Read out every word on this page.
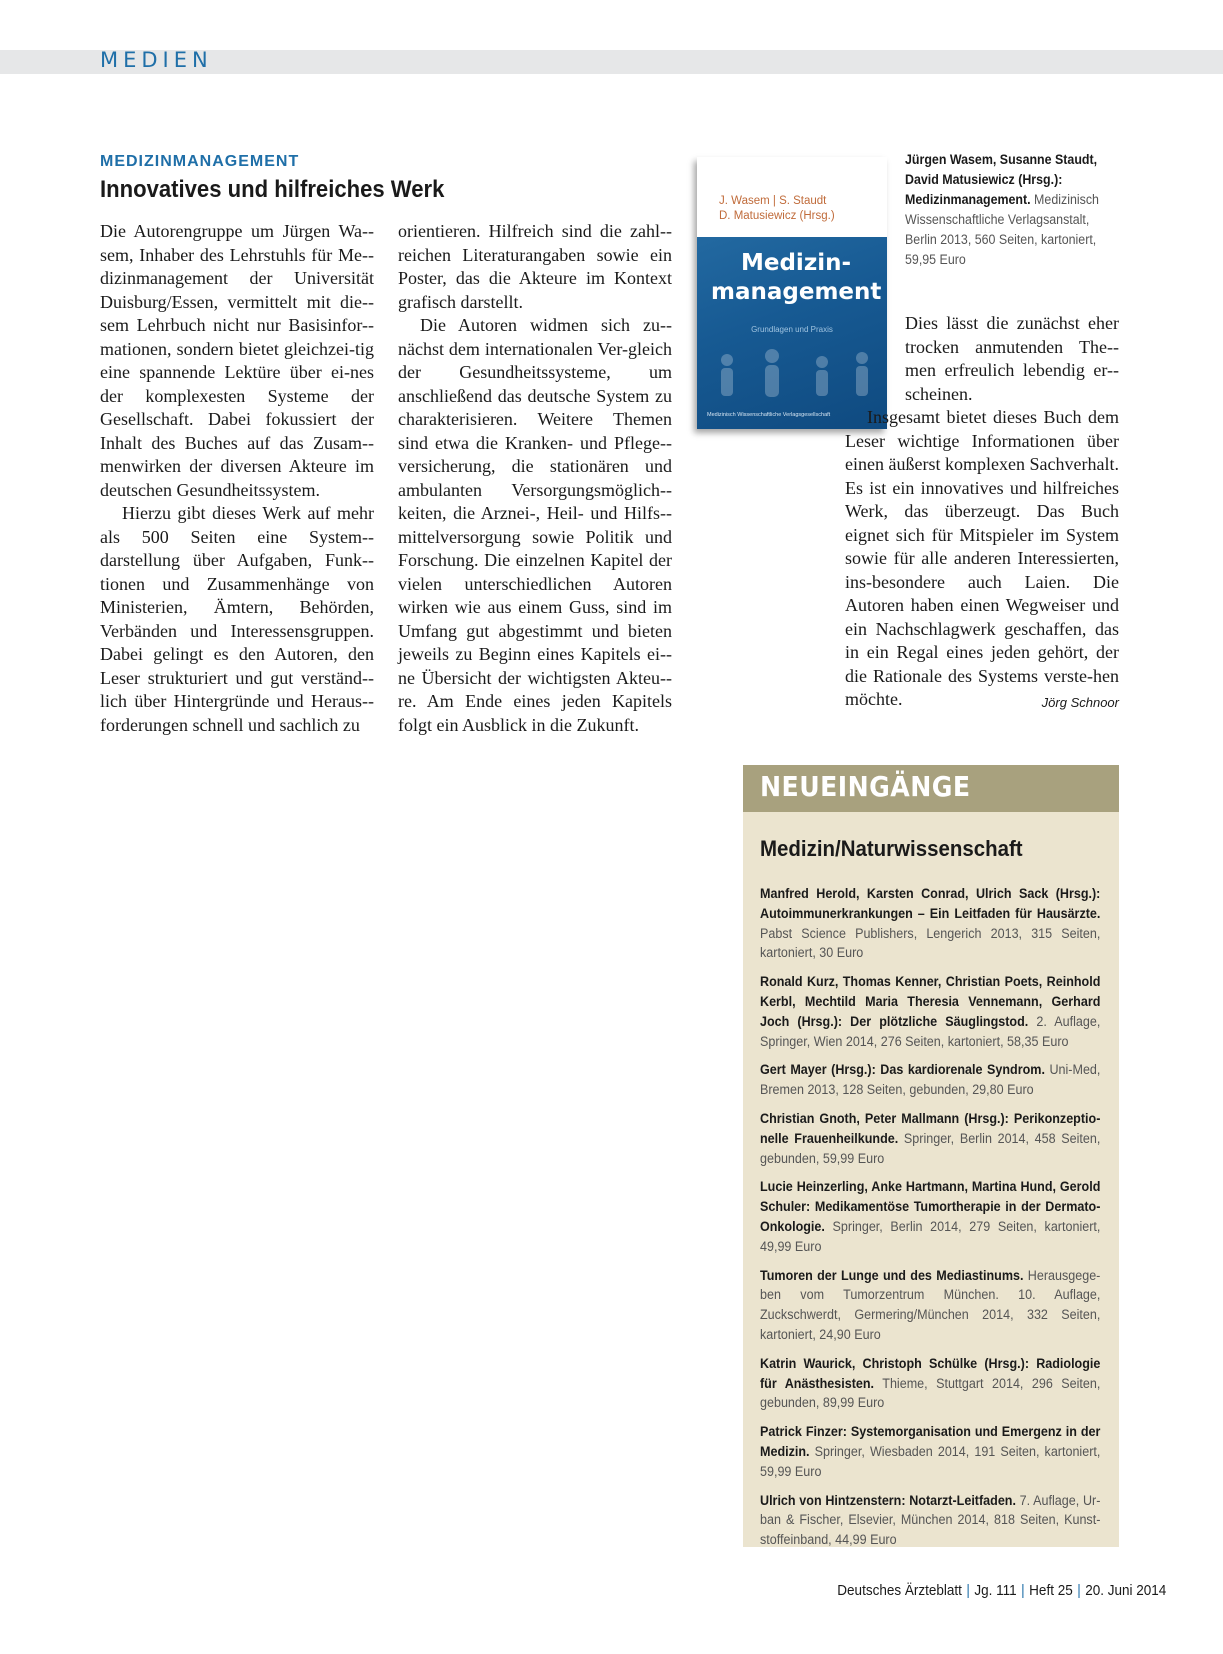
MEDIEN
MEDIZINMANAGEMENT
Innovatives und hilfreiches Werk

Die Autorengruppe um Jürgen Wa-sem, Inhaber des Lehrstuhls für Me-dizinmanagement der Universität Duisburg/Essen, vermittelt mit die-sem Lehrbuch nicht nur Basisinfor-mationen, sondern bietet gleichzei-tig eine spannende Lektüre über ei-nes der komplexesten Systeme der Gesellschaft. Dabei fokussiert der Inhalt des Buches auf das Zusam-menwirken der diversen Akteure im deutschen Gesundheitssystem.

Hierzu gibt dieses Werk auf mehr als 500 Seiten eine System-darstellung über Aufgaben, Funk-tionen und Zusammenhänge von Ministerien, Ämtern, Behörden, Verbänden und Interessensgruppen. Dabei gelingt es den Autoren, den Leser strukturiert und gut verständ-lich über Hintergründe und Heraus-forderungen schnell und sachlich zu

orientieren. Hilfreich sind die zahl-reichen Literaturangaben sowie ein Poster, das die Akteure im Kontext grafisch darstellt.

Die Autoren widmen sich zu-nächst dem internationalen Ver-gleich der Gesundheitssysteme, um anschließend das deutsche System zu charakterisieren. Weitere Themen sind etwa die Kranken- und Pflege-versicherung, die stationären und ambulanten Versorgungsmöglich-keiten, die Arznei-, Heil- und Hilfs-mittelversorgung sowie Politik und Forschung. Die einzelnen Kapitel der vielen unterschiedlichen Autoren wirken wie aus einem Guss, sind im Umfang gut abgestimmt und bieten jeweils zu Beginn eines Kapitels ei-ne Übersicht der wichtigsten Akteu-re. Am Ende eines jeden Kapitels folgt ein Ausblick in die Zukunft.

J. Wasem | S. Staudt
D. Matusiewicz (Hrsg.)
Medizin-
management
Grundlagen und Praxis
Medizinisch Wissenschaftliche Verlagsgesellschaft
Jürgen Wasem, Susanne Staudt, David Matusiewicz (Hrsg.): Medizinmanagement. Medizinisch Wissenschaftliche Verlagsanstalt, Berlin 2013, 560 Seiten, kartoniert, 59,95 Euro

Dies lässt die zunächst eher trocken anmutenden The-men erfreulich lebendig er-scheinen.

Insgesamt bietet dieses Buch dem Leser wichtige Informationen über einen äußerst komplexen Sachverhalt. Es ist ein innovatives und hilfreiches Werk, das überzeugt. Das Buch eignet sich für Mitspieler im System sowie für alle anderen Interessierten, ins-besondere auch Laien. Die Autoren haben einen Wegweiser und ein Nachschlagwerk geschaffen, das in ein Regal eines jeden gehört, der die Rationale des Systems verste-hen möchte.	Jörg Schnoor

NEUEINGÄNGE
Medizin/Naturwissenschaft

Manfred Herold, Karsten Conrad, Ulrich Sack (Hrsg.): Autoimmunerkrankungen – Ein Leitfaden für Hausärzte. Pabst Science Publishers, Lengerich 2013, 315 Seiten, kartoniert, 30 Euro

Ronald Kurz, Thomas Kenner, Christian Poets, Reinhold Kerbl, Mechtild Maria Theresia Vennemann, Gerhard Joch (Hrsg.): Der plötzliche Säuglingstod. 2. Auflage, Springer, Wien 2014, 276 Seiten, kartoniert, 58,35 Euro

Gert Mayer (Hrsg.): Das kardiorenale Syndrom. Uni-Med, Bremen 2013, 128 Seiten, gebunden, 29,80 Euro

Christian Gnoth, Peter Mallmann (Hrsg.): Perikonzeptionelle Frauenheilkunde. Springer, Berlin 2014, 458 Seiten, gebunden, 59,99 Euro

Lucie Heinzerling, Anke Hartmann, Martina Hund, Gerold Schuler: Medikamentöse Tumortherapie in der Dermato-Onkologie. Springer, Berlin 2014, 279 Seiten, kartoniert, 49,99 Euro

Tumoren der Lunge und des Mediastinums. Herausgegeben vom Tumorzentrum München. 10. Auflage, Zuckschwerdt, Germering/München 2014, 332 Seiten, kartoniert, 24,90 Euro

Katrin Waurick, Christoph Schülke (Hrsg.): Radiologie für Anästhesisten. Thieme, Stuttgart 2014, 296 Seiten, gebunden, 89,99 Euro

Patrick Finzer: Systemorganisation und Emergenz in der Medizin. Springer, Wiesbaden 2014, 191 Seiten, kartoniert, 59,99 Euro

Ulrich von Hintzenstern: Notarzt-Leitfaden. 7. Auflage, Urban & Fischer, Elsevier, München 2014, 818 Seiten, Kunststoffeinband, 44,99 Euro

Deutsches Ärzteblatt | Jg. 111 | Heft 25 | 20. Juni 2014
